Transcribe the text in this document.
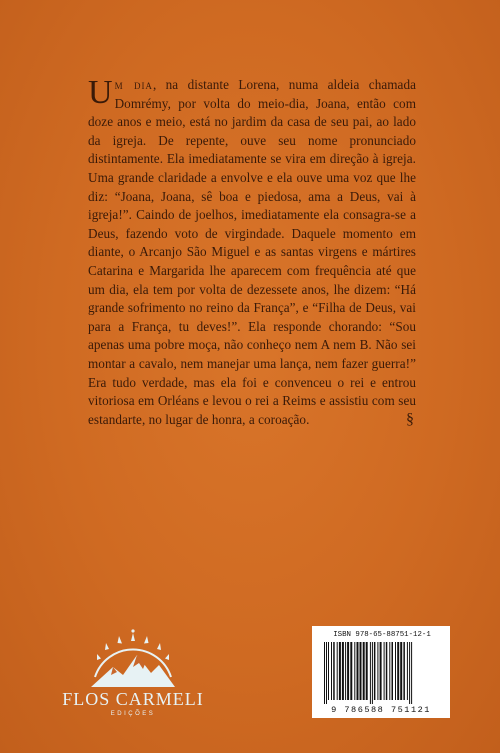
Um dia, na distante Lorena, numa aldeia chamada Domrémy, por volta do meio-dia, Joana, então com doze anos e meio, está no jardim da casa de seu pai, ao lado da igreja. De repente, ouve seu nome pronunciado distintamente. Ela imediatamente se vira em direção à igreja. Uma grande claridade a envolve e ela ouve uma voz que lhe diz: “Joana, Joana, sê boa e piedosa, ama a Deus, vai à igreja!”. Caindo de joelhos, imediatamente ela consagra-se a Deus, fazendo voto de virgindade. Daquele momento em diante, o Arcanjo São Miguel e as santas virgens e mártires Catarina e Margarida lhe aparecem com frequência até que um dia, ela tem por volta de dezessete anos, lhe dizem: “Há grande sofrimento no reino da França”, e “Filha de Deus, vai para a França, tu deves!”. Ela responde chorando: “Sou apenas uma pobre moça, não conheço nem A nem B. Não sei montar a cavalo, nem manejar uma lança, nem fazer guerra!” Era tudo verdade, mas ela foi e convenceu o rei e entrou vitoriosa em Orléans e levou o rei a Reims e assistiu com seu estandarte, no lugar de honra, a coroação.	§
FLOS CARMELI
EDIÇÕES
ISBN 978-65-88751-12-1
9 786588 751121
